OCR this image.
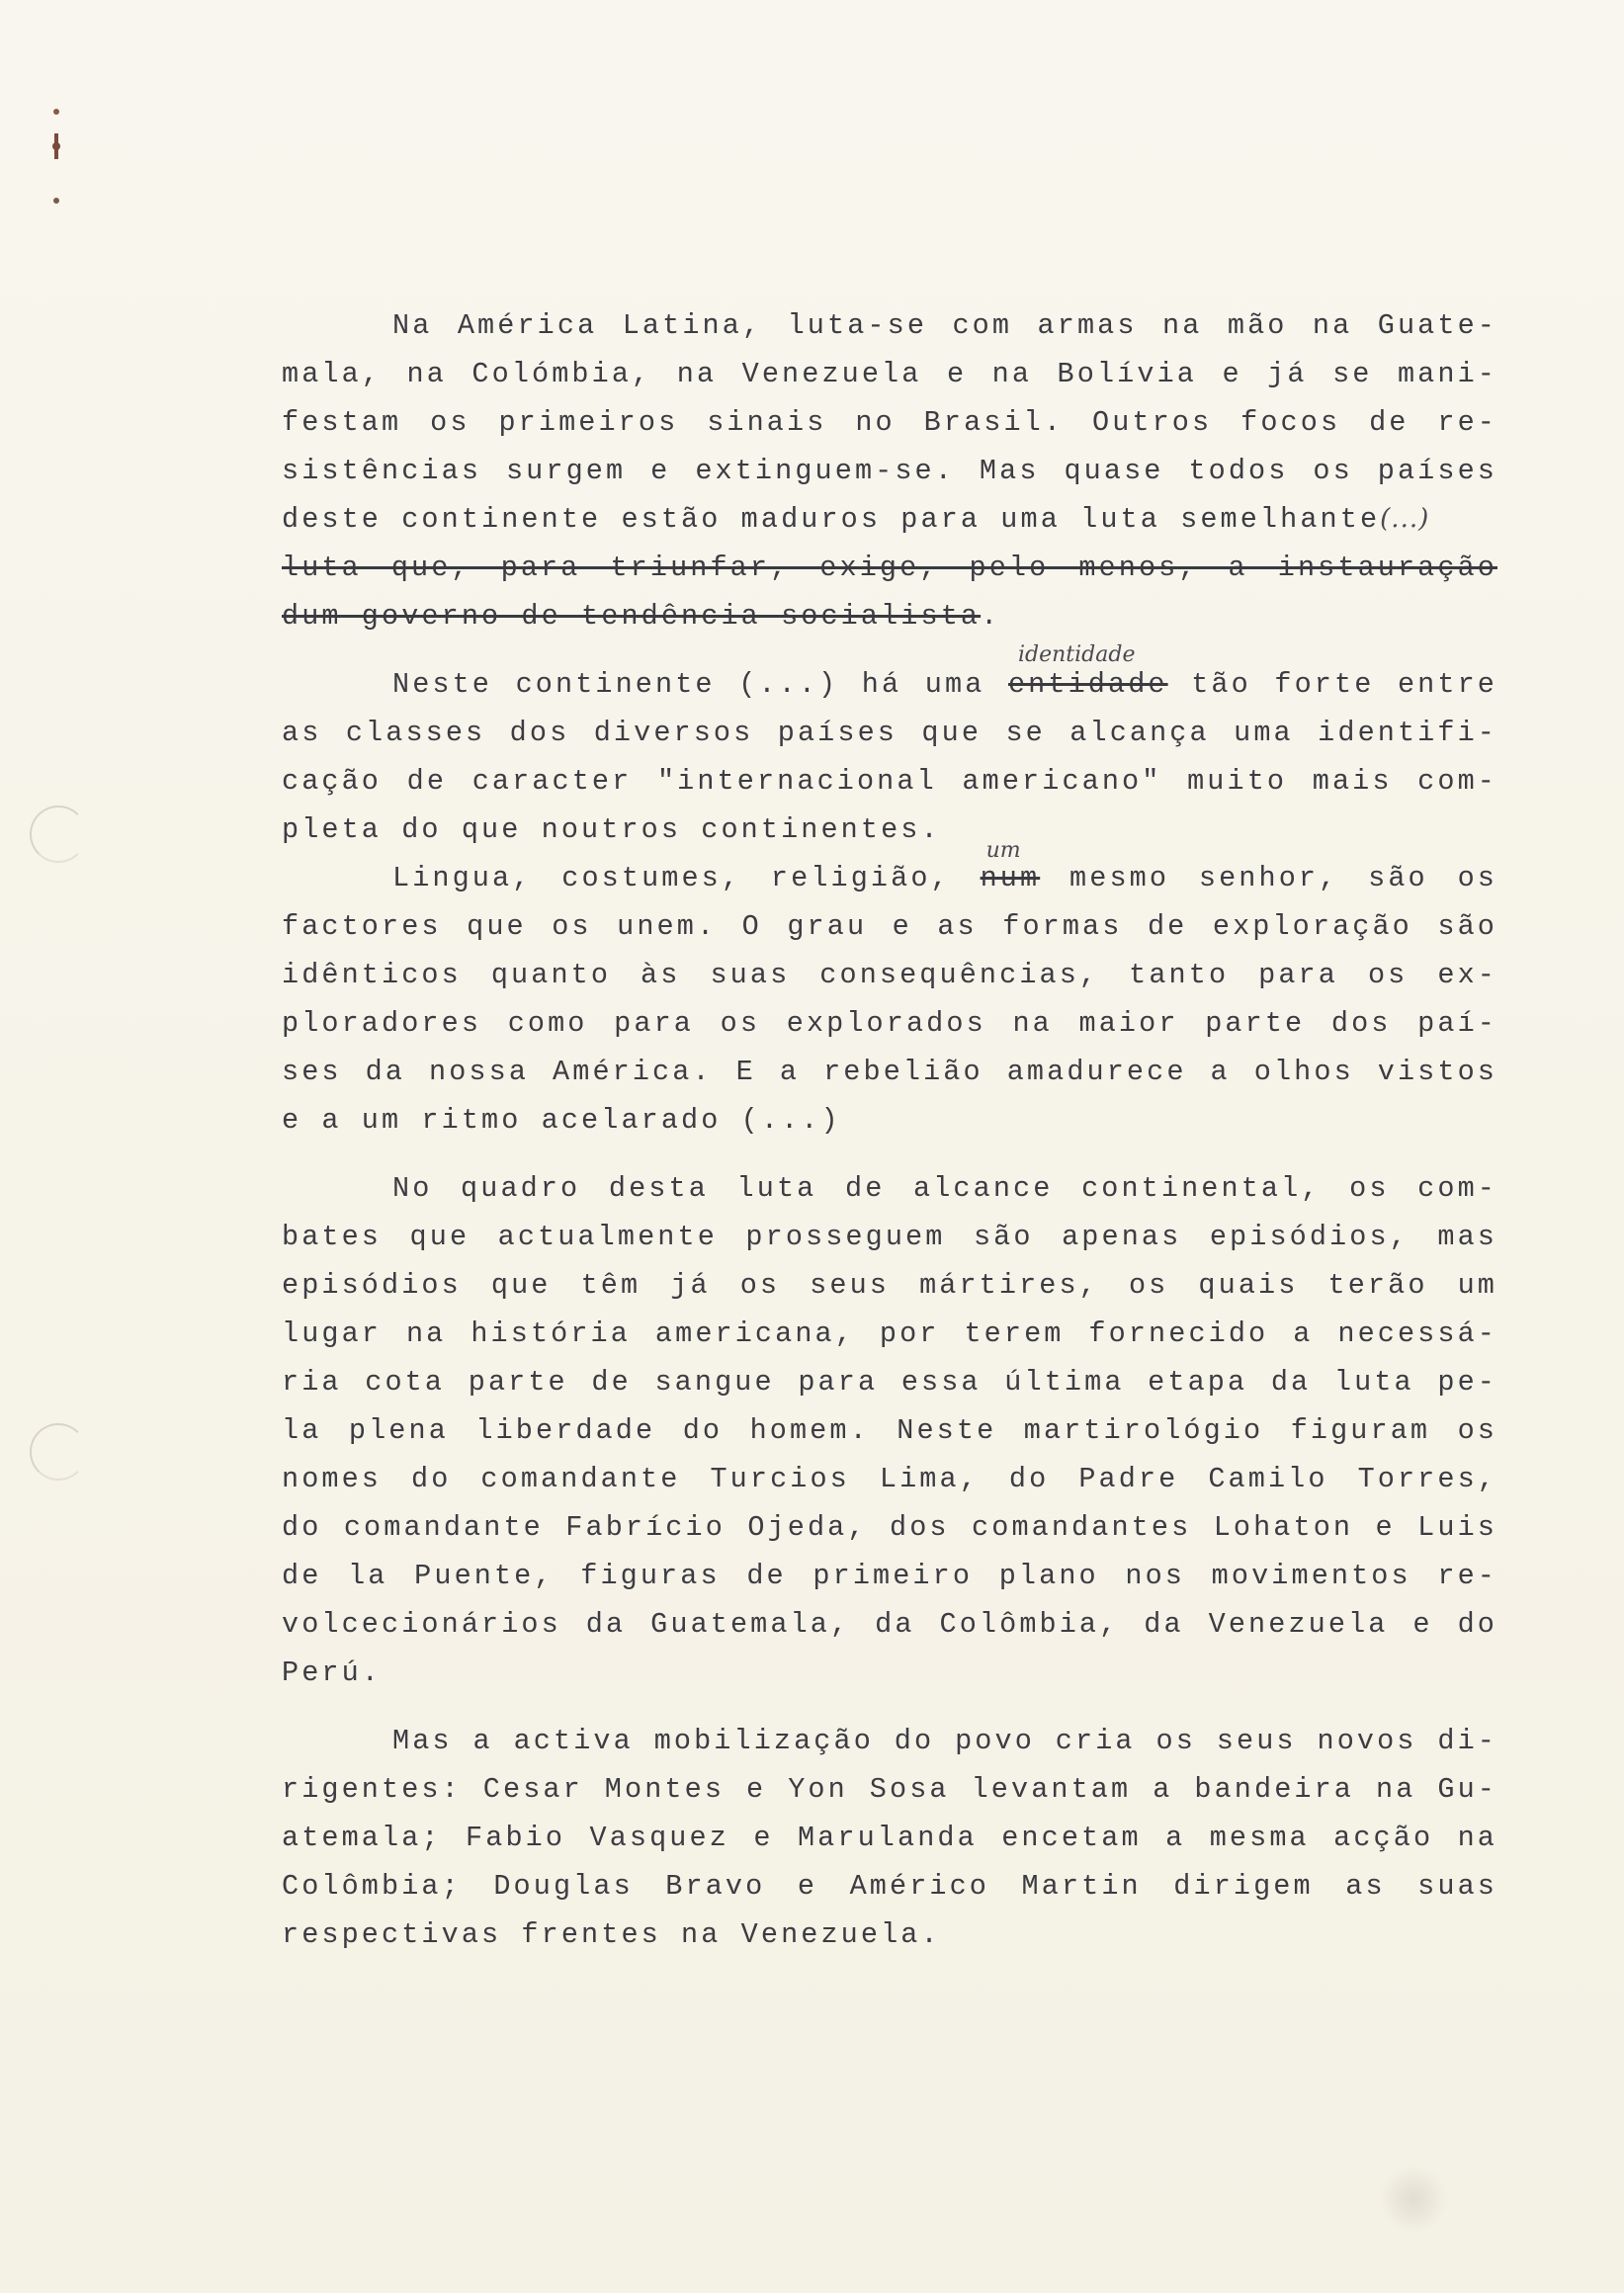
Na América Latina, luta-se com armas na mão na Guate-
mala, na Colómbia, na Venezuela e na Bolívia e já se mani-
festam os primeiros sinais no Brasil. Outros focos de re-
sistências surgem e extinguem-se. Mas quase todos os países
deste continente estão maduros para uma luta semelhante(...)
luta que, para triunfar, exige, pelo menos, a instauração
dum governo de tendência socialista.
Neste continente (...) há uma
identidade
entidade tão forte entre
as classes dos diversos países que se alcança uma identifi-
cação de caracter "internacional americano" muito mais com-
pleta do que noutros continentes.
Lingua, costumes, religião,
um
num mesmo senhor, são os
factores que os unem. O grau e as formas de exploração são
idênticos quanto às suas consequências, tanto para os ex-
ploradores como para os explorados na maior parte dos paí-
ses da nossa América. E a rebelião amadurece a olhos vistos
e a um ritmo acelarado (...)
No quadro desta luta de alcance continental, os com-
bates que actualmente prosseguem são apenas episódios, mas
episódios que têm já os seus mártires, os quais terão um
lugar na história americana, por terem fornecido a necessá-
ria cota parte de sangue para essa última etapa da luta pe-
la plena liberdade do homem. Neste martirológio figuram os
nomes do comandante Turcios Lima, do Padre Camilo Torres,
do comandante Fabrício Ojeda, dos comandantes Lohaton e Luis
de la Puente, figuras de primeiro plano nos movimentos re-
volcecionários da Guatemala, da Colômbia, da Venezuela e do
Perú.
Mas a activa mobilização do povo cria os seus novos di-
rigentes: Cesar Montes e Yon Sosa levantam a bandeira na Gu-
atemala; Fabio Vasquez e Marulanda encetam a mesma acção na
Colômbia; Douglas Bravo e Américo Martin dirigem as suas
respectivas frentes na Venezuela.
